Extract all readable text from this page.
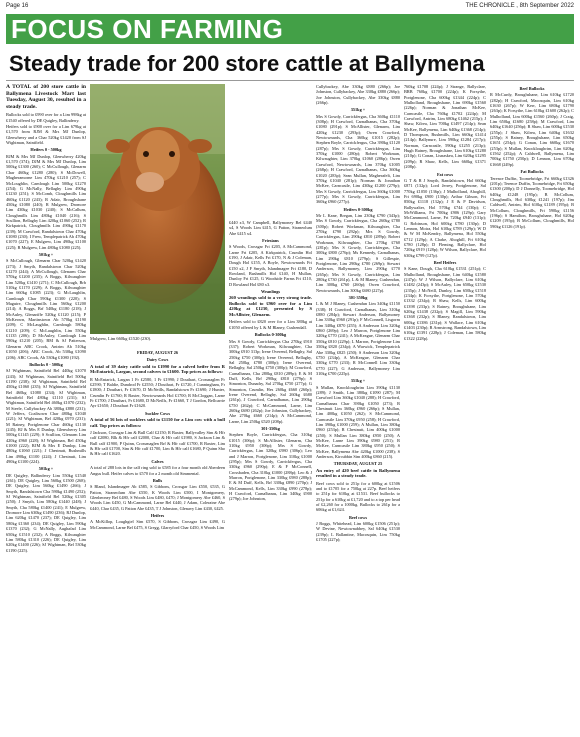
Page 16	THE CHRONICLE , 8th September 2022
FOCUS ON FARMING
Steady trade for 200 store cattle at Ballymena

A TOTAL of 200 store cattle in Ballymena Livestock Mart last Tuesday, August 30, resulted in a steady trade.

Bullocks sold to £990 over for a Lim 998kg at £1540 offered by DE Quigley, Ballinderry.

Heifers sold to £900 over for a Lim 679kg at £1,570 from RJM & Mrs MJ Dunlop, Glenwherry and a Char 520kg £1420 from SJ Wightman, Saintfield.

Heifers 0 - 500kg

RJM & Mrs MJ Dunlop, Glenwherry 420kg £1,570 (374); DJM & Mrs MJ Dunlop, Lim 500kg £1300 (260); C McCullough, Glenarm Char 460kg £1280 (280); S McDowell, Magheramorne Lim 470kg £1210 (257); C McLoughlin, Carnlough Lim 500kg £1270 (254); G McNally, Bellaghy Lim 490kg £1230 (251); S McComb, Cloughmills Lim 460kg £1120 (243); R Adair, Broughshane 450kg £1080 (240); R Mulgrew, Dromore Lim 430kg £1030 (240); S McCallum, Cloughmills Lim 480kg £1040 (216); S Scullion, Bellaghy Lim 420kg £1060 (252); R Kirkpatrick, Cloughmills Lim 490kg £1170 (239); M Crawford, Randalstown Char 470kg £1080 (230); I Frew, Templepatrick Ab 470kg £1070 (227); E Mulgrew, Lim 490kg £1100 (225); R Mulgrew, Lim 480kg £1080 (225).

501kg +

S McCullough, Glenarm Char 520kg £1420 (273); J Smyth, Randalstown Char 520kg £1270 (244); A McCullough, Glenarm Char 570kg £1200 (235); A Boggs, Kilwaughter Lim 520kg £1410 (271); C McCullough, Brb 510kg £1170 (229); A Boggs, Kilwaughter Lim 660kg £1085 (223); G McLaughlin, Carnlough Char 590kg £1300 (220); S Maguire, Cloughmills Lim 560kg £1200 (214); A Boggs, Brf 540kg £1180 (218); J McAuley, Glenariffe 520kg £1120 (215); P McKeown, Martinstown Ab 570kg £1190 (209); C McLaughlin, Carnlough 580kg £1210 (209); C McLaughlin, Lim 550kg £1135 (206); D McAuley, Carnlough Lim 590kg £1210 (205); BM & SJ Patterson, Glenarm ABC Crook, Antrim Ab 510kg £1050 (206); ABC Crook, Ab 530kg £1090 (206); ABC Crook, Ab 530kg £1080 (192).

Bullocks 0 - 500kg

SJ Wightman, Saintfield Bel 440kg £1070 (243); SJ Wightman, Saintfield Bel 500kg £1190 (238); SJ Wightman, Saintfield Bel 450kg £1060 (235); SJ Wightman, Saintfield Bel 460kg £1080 (234); SJ Wightman, Saintfield Bel 480kg £1110 (231); SJ Wightman, Saintfield Bel 460kg £1070 (232); M Steele, Cullybackey Ab 380kg £880 (231); W Jeffers, Coalisown Char 480kg £1040 (221); SJ Wightman, Bel 420kg £970 (231); M Rainey, Portglenone Char 460kg £1130 (245); RJ & Mrs E Dunlop, Glenwherry Lim 500kg £1145 (229); S Scullion, Glenarm Lim 420kg £960 (228); SJ Wightman, Bel 450kg £1000 (222); RJM & Mrs E Dunlop, Lim 480kg £1060 (221); J Chestnutt, Bushmills Lim 490kg £1100 (224); J Chestnutt, Lim 490kg £1100 (224).

501kg +

DE Quigley, Ballinderry Lim 550kg £1540 (261); DE Quigley, Lim 560kg £1500 (268); DE Quigley, Lim 560kg £1490 (266); J Smyth, Randalstown Cha 590kg £1490 (252); SJ Wightman, Saintfield Bel 520kg £1305 (250); J Smyth, Lim 580kg £1440 (248); J Smyth, Cha 580kg £1400 (241); E Mulgrew, Dromore Lim 630kg £1490 (236); RJ Dunlop, Lim 620kg £1470 (237); DE Quigley, Lim 580kg £1360 (234); DE Quigley, Lim 590kg £1370 (232); G McNally, Aughafad Lim 650kg £1510 (232); A Boggs, Kilwaughter Lim 580kg £1310 (226); DE Quigley, Lim 620kg £1400 (226); SJ Wightman, Bel 530kg £1190 (225).

Mulgrew, Lim 660kg £1520 (230).

FRIDAY, AUGUST 26

Dairy Cows

A total of 39 dairy cattle sold to £1990 for a calved heifer from R McEntarick, Largan, second calvers to £1600. Top prices as follows:

R McEntarick, Largan 1 Fr £2580, 1 Fr £1990; J Douthart, Crossnaglen Fr £2590; T Baldie, Dundrod Fr £2550; J Douthart, Fr £1720, J Cunningham, Fr £1800; J Douthart, Fr £1670, D McNeills, Randalstown Fr £1690; J Hunter, Crumlin Fr £1760; R Baxter, Newtownards Hol £1700; R McCloggan, Larne Fr £1700; J Douthart, Fr £1680, D McNeills, Fr £1660, T J Gordon, Bellcarrie Ayr £1650; J Douthart Fr £1620.

Suckler Cows

A total of 56 lots of sucklers sold to £1150 for a Lim cow with a bull calf. Top prices as follows:

J Jackson, Crossgar Lim & Bull Calf £2150; R Baxter, Ballyvalley Sim & Hfr calf £2080, Blk & Hfr calf £2000, Char & Hfr calf £1980, S Jackson Lim & Bull calf £1900, P Quinn, Crossmaglen Brf & Hfr calf £1700, R Baxter, Lim & Hfr calf £1700, Sim & Hfr calf £1700, Lim & Hfr calf £1680, P Quinn Sho & Hfr calf £1620.

Calves

A total of 288 lots in the calf ring sold to £585 for a four month old Aberdeen Angus bull. Heifer calves to £570 for a 2 month old Simmental.

Bulls

S Bland, Islandmagee Ab £585, S Gibbons, Crossgar Lim £550, £535, G Patton, Straneolum Abe £550, K Woods Lim £500, I Montgomery, Glenbeoney Bel £480, S Woods Lim £480, £470; J Montgomery Abe £460, S Woods Lim £450, G McCammond, Larne Bel £440, J Adam, Coleraine Abe £440, Char £435, G Patton Abe £435, T J Johnston, Glenavy Lim £430, £425.

Heifers

A McKillop, Loughgiel Sim £570, S Gibbons, Crossgar Lim £490, G McCammond, Larne Bel £475, S Gregg, Glarryford Char £450, S Woods Lim

£440 x3, W Campbell, Ballymoney Bel £440 x4, S Woods Lim £415, G Patton, Straneolum Abe £415 x4.

Friesians

S Woods, Crossgar Fri £205, A McCammond, Larne Fri £205, A Kirkpatrick, Crumlin Hol £190, J Adair, Kells Fri £170, N & J Coleman, Dough Hol £155, A Boyle, Newtownards Fri £150 x2, J F Smyth, Islandmagee Fri £180, D Rowland, Bushmills Hol £140, H Mullan, Dunloy Fri £125, G Woodside Farms Fri £110, D Rowland Hol £80 x3.

Weanlings

260 weanlings sold to a very strong trade. Bullocks sold to £960 over for a Lim 420kg at £1230, presented by S McAllister, Glenarm.

Heifers sold to £820 over for a Lim 380kg at £1050 offered by L & M Blaney, Cushendall.

Bullocks 0-300kg

Mrs S Gowdy, Carrickfergus Cha 270kg £910 (337); Robert Workman, Kilwaughter, Cha 300kg £910 313p; Irene Overend, Bellaghy, Sal 250kg £750 (300p); Irene Overend, Bellaghy, Sal 250kg £780 (300p); Irene Overend, Bellaghy, Sal 250kg £750 (300p); M Crawford, Carnalbanas, Cha 280kg £810 (289p); E & M Duff, Kells, Brf 290kg £810 (279p); S Simonton, Dunadry, Sal 270kg £750 (277p); G Simonton, Crumlin, Hes 260kg £660 (260p); Irene Overend, Bellaghy, Sal 260kg £680 (261p), J Crawford, Carnalbanas, Lim 290kg £750 (262p); C McCammond, Larne, Lim 260kg £680 (262p); Joe Johnston, Cullybackey, Abe 270kg £660 (214p); A McCammond, Larne, Lim 250kg £520 (208p).

301-350kg

Stephen Boyle, Carrickfergus, Cha 310kg £1015 (306p); S McAllister, Glenarm, Cha 310kg £950 (306p); Mrs S Gowdy, Carrickfergus, Lim 320kg £980 (306p); Leo and J Marron, Portglenone, Lim 310kg £1000 (295p); Mrs S Gowdy, Carrickfergus, Cha 330kg £960 (290p); E & F McConnell, Crossbaden, Cha 310kg £1000 (288p); Leo & J Marron, Portglenone, Lim 330kg £980 (288p); E & M Duff, Kells, Brf 330kg £890 (270p); J McCammond, Kells, Lim 330kg £990 (278p); H Crawford, Carnalbanas, Lim 340kg £900 (279p); Joe Johnston,

Cullybackey, Abe 330kg £880 (266p); Joe Johnston, Cullybackey, Abe 330kg £880 (266p); Joe Johnston, Cullybackey, Abe 330kg £880 (266p).

351kg +

Mrs S Gowdy, Carrickfergus, Cha 360kg £1110 (308p); H Crawford, Carnalbanas, Cha 370kg £1080 (291p); S McAllister, Glenarm, Lim 420kg £1230 (293p); Owen Crawford, Newtownards, Cha 360kg £1015 (282p); Stephen Boyle, Carrickfergus, Cha 390kg £1120 (287p); Mrs S Gowdy, Carrickfergus, Lim 370kg £1000 (280p); Robert Workman, Kilwaughter, Lim 370kg £1060 (286p); Owen Crawford, Newtownards, Lim 370kg £1005 (268p); H Crawford, Carnalbanas, Cha 360kg £1020 (283p); Sean Mullan, Magherafelt, Lim 370kg £1040 (281p); Norman & Jonathan McKee, Carncastle, Lim 430kg £1200 (279p); Mrs S Gowdy, Carrickfergus, Lim 360kg £1000 (277p); Mrs S Gowdy, Carrickfergus, Lim 360kg £960 (277p).

Heifers 0-300kg

Mr L Kane, Bregan, Lim 230kg £790 (343p); Mrs S Gowdy, Carrickfergus, Cha 260kg £780 (300p); Robert Workman, Kilwaughter, Cha 270kg £790 (292p); Mrs S Gowdy, Carrickfergus, Lim 290kg £810 (289p); Robert Workman, Kilwaughter, Cha 270kg £760 (281p); Mrs S Gowdy, Carrickfergus, Cha 300kg £800 (276p); Ms Kennedy, Carnalbanas, Lim 290kg £810 (279p); S Gillespie, Portglenone, Lim 290kg £780 (269p); Stewart Anderson, Ballymoney, Lim 290kg £770 (265p); Mrs S Gowdy, Carrickfergus, Lim 280kg £730 (261p), L & M Blaney, Cushendun, Lim 300kg £760 (260p); Owen Crawford, Newtownards, Lim 300kg £680 (227p).

301-350kg

L & M J Blaney, Cushendun Lim 340kg £1150 (338); H Crawford, Carnalbanas, Lim 310kg £880 (284p); Stewart Anderson, Ballymoney Lim 330kg £960 (291p); F McConnell, Lisgorm Lim 340kg £870 (255); A Anderson Lim 320kg £860 (269p); Leo J Marron, Portglenone Lim 320kg £770 (241); A McKeague, Glenarm Char 350kg £810 (229p); L Marron, Portglenone Lim 350kg £820 (234p); A Warwick, Templepatrick Abe 330kg £825 (250); S Anderson Lim 320kg £750 (234p), A McKeague, Glenarm Char 330kg £770 (233); R McConnell Lim 330kg £770 (227); G Anderson, Ballymoney Lim 310kg £700 (225p).

351kg +

S Mullan, Knockloughrim Lim 390kg £1130 (289); J Smith, Lim 380kg £1090 (287); M Crawford Lim 360kg £1040 (288); H Crawford, Carnalbanas Char 390kg £1050 (273); R Chestnutt Lim 360kg £960 (266p); S Mullan, Lim 400kg £1050 (262); S McCammond, Carncastle Lim 370kg £950 (258); H Crawford, Lim 390kg £1000 (259); A Mullan, Lim 380kg £960 (253p); R Chestnutt, Lim 400kg £1000 (250); S Mullan Lim 380kg £950 (250); A McKee, Larne Lim 390kg £980 (251); R McKee, Carncastle Lim 380kg £950 (250); S McKee, Ballymena Abe 420kg £1000 (238); S Anderson, Kircubbin Sim 400kg £860 (215).

THURSDAY, AUGUST 25

An entry of 420 beef cattle in Ballymena resulted in a steady trade.

Beef cows sold to 251p for a 600kg at £1506 and to £1705 for a 750kg at 227p. Beef heifers to 251p for 610kg at £1531. Beef bullocks to 251p for a 610kg at £1,720 and to a top per head of £2,260 for a 1000kg. Bullocks to 261p for a 606kg at £1,624.

Beef cows

J Boggs, Whitehead, Lim 600kg £1506 (251p); W Devine, Newtownabbey, Sal 640kg £1530 (239p); L Ballantine, Macosquin, Lim 750kg £1705 (227p);

760kg £1708 (224p); J Strange, Ballyclare, BRB 760kg £1700 (224p); K Forsythe, Portglenone, Cha 600kg £1344 (224p); C Mulholland, Broughshane, Lim 690kg £1560 (226p); Norman & Jonathan McKee, Carncastle, Cha 760kg £1702 (224p); M Crawford, Antrim, Lim 680kg £1462 (215p); J Shaw, Kilrea, Lim 700kg £1497 (214p); Sean McKee, Ballymena, Lim 640kg £1368 (214p); D Thompson, Bushmills, Lim 660kg £1414 (214p); Ballynure, Lim 590kg £1284 (217p); Norman, Carncastle, 590kg £1255 (213p); Hugh Rainey, Broughshane, Lim 610kg £1280 (210p); G Conan, Lisnaskea, Lim 620kg £1295 (209p); R Shaw, Kells, Lim 660kg £1371 (208p).

Fat cows

G T & R J Smyth, Randalstown, Hol 660kg £871 (132p); Lord Jerrey, Portglenone, Sal 770kg £1050 (136p); J Mulholland, Ahoghill, Fri 690kg £900 (130p); Arthur Gibson, Fri 850kg £1118 (132p); J E & P Davidson, Ballywalter, Hol 570kg £744 (130p); C McWilliams, Fri 700kg £906 (129p); Gary McCammond, Larne, Fri 720kg £940 (131p); G Robinson, Hol 600kg £780 (130p); D Lennon, Moira, Hol 610kg £789 (129p); W D & W M McKendry, Ballymena, Hol 550kg £712 (129p); A Clarke, Ahoghill, Fri 610kg £780 (128p); D Fleming, Ballyclare, Hol 720kg £919 (128p); W Wilson, Ballyclare, Hol 630kg £799 (127p).

Beef Heifers

S Kane, Dough, Cha 610kg £1531 (251p); C Mulholland, Broughshane, Lim 640kg £1580 (247p); W J Wilson, Ballyclare, Lim 610kg £1482 (243p); S McAuley, Lim 650kg £1530 (235p); J McNeill, Dunloy, Lim 650kg £1518 (234p); K Forsythe, Portglenone, Lim 570kg £1332 (234p); R Shaw, Kells, Lim 600kg £1398 (233p); S Rainey, Broughshane, Lim 620kg £1438 (232p); S Magill, Lim 590kg £1368 (232p); S Blaney, Randalstown, Lim 600kg £1386 (231p); S Wallace, Lim 610kg £1403 (230p); R Armstrong, Randalstown, Lim 610kg £1391 (228p); J Coleman, Lim 580kg £1322 (228p).

Beef Bullocks

R McCurdy, Broughshane, Lim 610kg £1720 (282p); H Crawford, Macosquin, Lim 610kg £1630 (267p); W Kerr, Lim 680kg £1790 (263p); K Forsythe, Lim 610kg £1600 (262p); C Mulholland, Lim 600kg £1560 (260p); J Craig, Lim 650kg £1680 (258p); M Crawford, Lim 640kg £1640 (256p); R Shaw, Lim 600kg £1530 (255p); J Shaw, Kilrea, Lim 640kg £1632 (255p); S Rainey, Broughshane, Lim 650kg £1651 (254p); G Conan, Lim 660kg £1670 (253p); S Mullan, Knockloughrim, Lim 620kg £1562 (252p); A Caldwell, Ballymena, Lim 700kg £1750 (250p); D Lennon, Lim 670kg £1668 (249p).

Fat Bullocks

Terence Duffin, Toomebridge, Fri 660kg £1326 (201p); Terence Duffin, Toomebridge, Fri 650kg £1300 (200p); D J Donnelly, Toomebridge, Hol 640kg £1248 (195p); B McCollum, Cloughmills, Hol 630kg £1241 (197p); Jim Caldwell, Antrim, Hol 610kg £1189 (195p); B McCollum, Cloughmills, Fri 590kg £1156 (196p); S Hamilton, Broughshane, Hol 620kg £1209 (195p); B McCollum, Cloughmills, Hol 590kg £1126 (191p).
